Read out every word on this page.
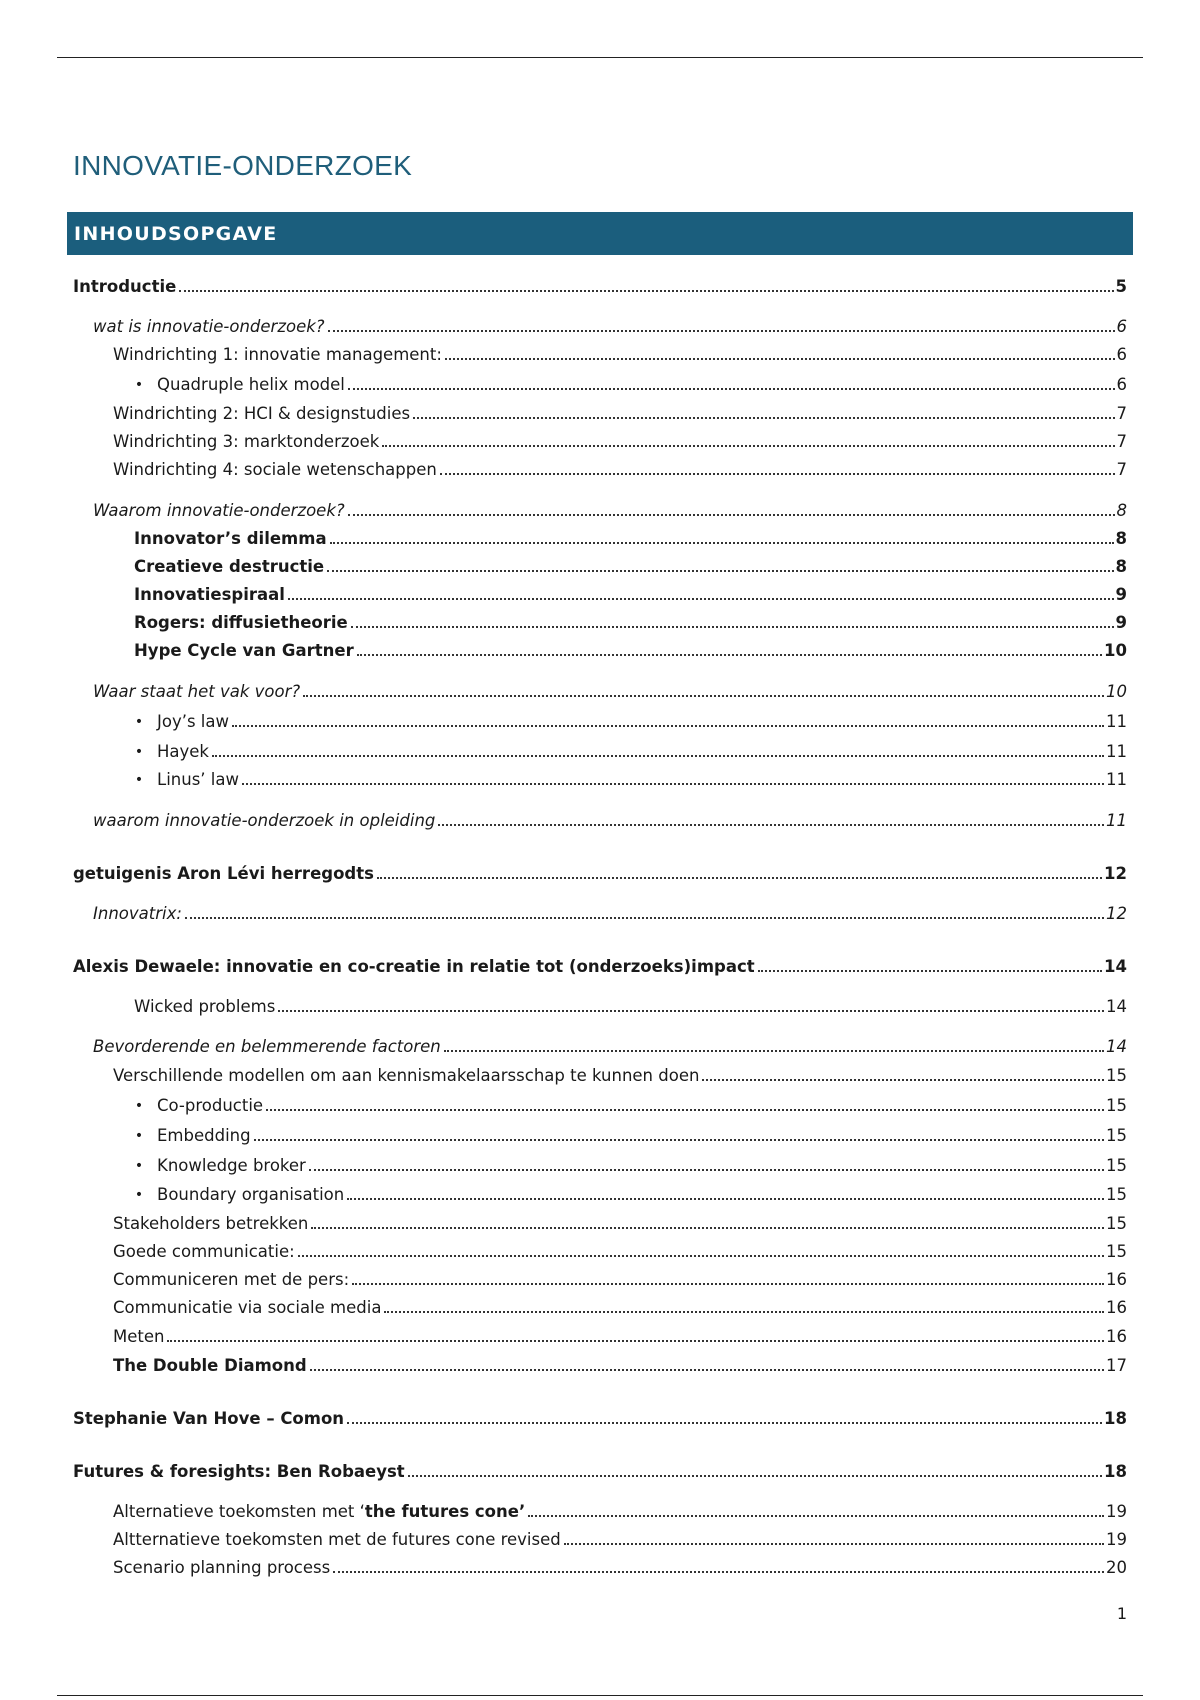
INNOVATIE-ONDERZOEK
INHOUDSOPGAVE
Introductie	5
wat is innovatie-onderzoek?	6
Windrichting 1: innovatie management:	6
• Quadruple helix model	6
Windrichting 2: HCI & designstudies	7
Windrichting 3: marktonderzoek	7
Windrichting 4: sociale wetenschappen	7
Waarom innovatie-onderzoek?	8
Innovator’s dilemma	8
Creatieve destructie	8
Innovatiespiraal	9
Rogers: diffusietheorie	9
Hype Cycle van Gartner	10
Waar staat het vak voor?	10
• Joy’s law	11
• Hayek	11
• Linus’ law	11
waarom innovatie-onderzoek in opleiding	11
getuigenis Aron Lévi herregodts	12
Innovatrix:	12
Alexis Dewaele: innovatie en co-creatie in relatie tot (onderzoeks)impact	14
Wicked problems	14
Bevorderende en belemmerende factoren	14
Verschillende modellen om aan kennismakelaarsschap te kunnen doen	15
• Co-productie	15
• Embedding	15
• Knowledge broker	15
• Boundary organisation	15
Stakeholders betrekken	15
Goede communicatie:	15
Communiceren met de pers:	16
Communicatie via sociale media	16
Meten	16
The Double Diamond	17
Stephanie Van Hove – Comon	18
Futures & foresights: Ben Robaeyst	18
Alternatieve toekomsten met ‘the futures cone’	19
Altternatieve toekomsten met de futures cone revised	19
Scenario planning process	20
1
